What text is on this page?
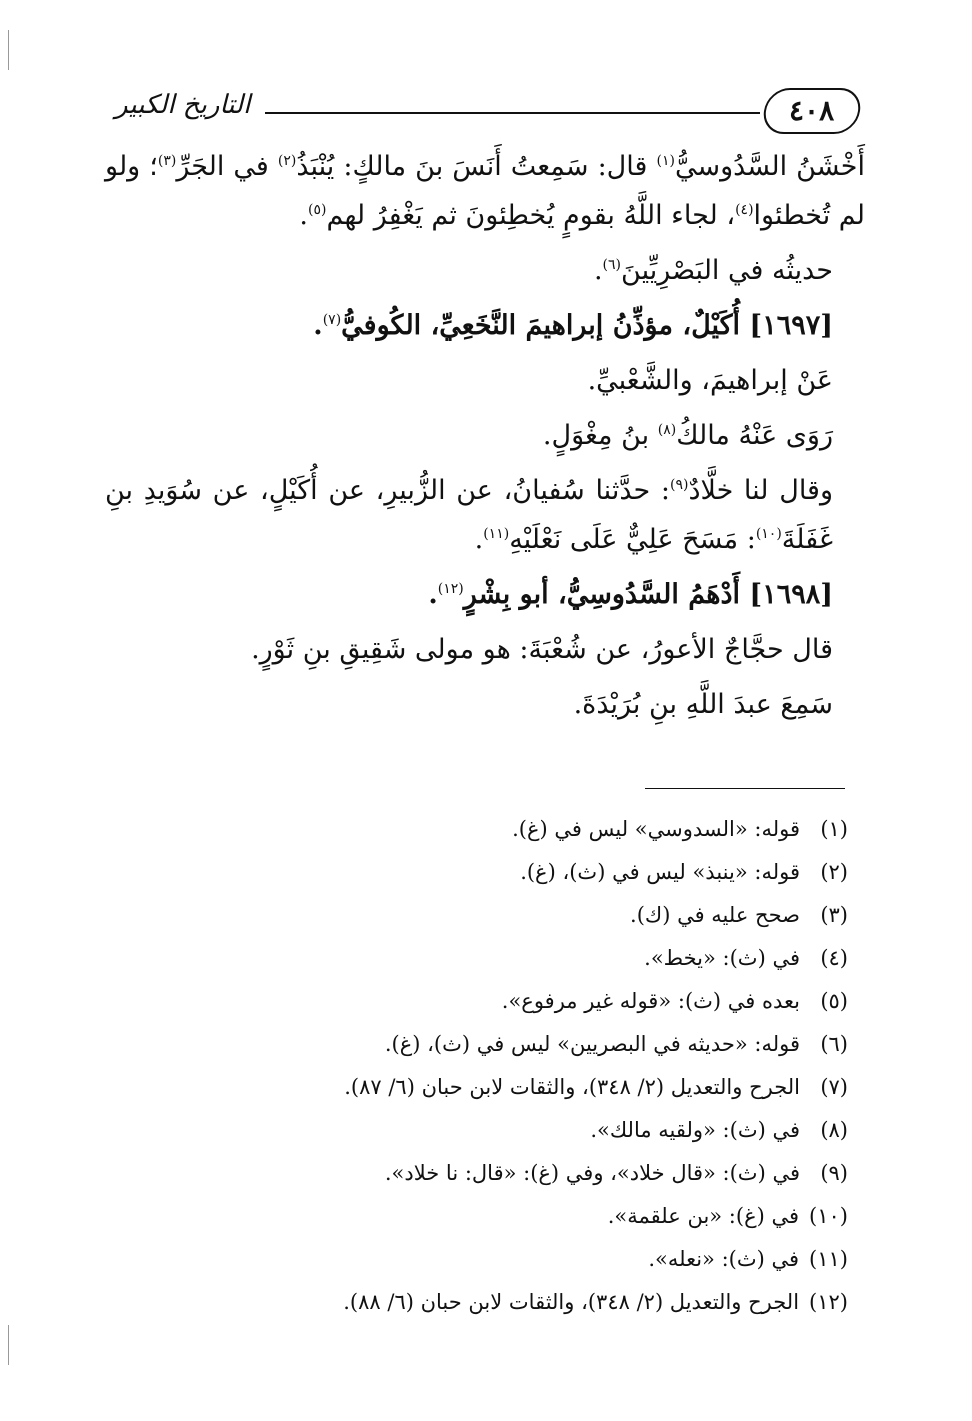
التاريخ الكبير	٤٠٨

أَخْشَنُ السَّدُوسيُّ$^{(١)}$ قال: سَمِعتُ أَنَسَ بنَ مالكٍ: يُنْبَذُ$^{(٢)}$ في الجَرِّ$^{(٣)}$؛ ولو لم تُخطئوا$^{(٤)}$، لجاء اللَّهُ بقومٍ يُخطِئونَ ثم يَغْفِرُ لهم$^{(٥)}$.

حديثُه في البَصْرِيِّينَ$^{(٦)}$.

[١٦٩٧] أُكَيْلٌ، مؤذِّنُ إبراهيمَ النَّخَعِيِّ، الكُوفيُّ$^{(٧)}$.

عَنْ إبراهيمَ، والشَّعْبيِّ.

رَوَى عَنْهُ مالكُ$^{(٨)}$ بنُ مِغْوَلٍ.

وقال لنا خلَّادٌ$^{(٩)}$: حدَّثنا سُفيانُ، عن الزُّبيرِ، عن أُكَيْلٍ، عن سُوَيدِ بنِ غَفَلَةَ$^{(١٠)}$: مَسَحَ عَلِيٌّ عَلَى نَعْلَيْهِ$^{(١١)}$.

[١٦٩٨] أَدْهَمُ السَّدُوسِيُّ، أبو بِشْرٍ$^{(١٢)}$.

قال حجَّاجٌ الأعورُ، عن شُعْبَةَ: هو مولى شَقِيقِ بنِ ثَوْرٍ.

سَمِعَ عبدَ اللَّهِ بنِ بُرَيْدَةَ.

(١)
قوله: «السدوسي» ليس في (غ).
(٢)
قوله: «ينبذ» ليس في (ث)، (غ).
(٣)
صحح عليه في (ك).
(٤)
في (ث): «يخط».
(٥)
بعده في (ث): «قوله غير مرفوع».
(٦)
قوله: «حديثه في البصريين» ليس في (ث)، (غ).
(٧)
الجرح والتعديل (٢/ ٣٤٨)، والثقات لابن حبان (٦/ ٨٧).
(٨)
في (ث): «ولقيه مالك».
(٩)
في (ث): «قال خلاد»، وفي (غ): «قال: نا خلاد».
(١٠)
في (غ): «بن علقمة».
(١١)
في (ث): «نعله».
(١٢)
الجرح والتعديل (٢/ ٣٤٨)، والثقات لابن حبان (٦/ ٨٨).
